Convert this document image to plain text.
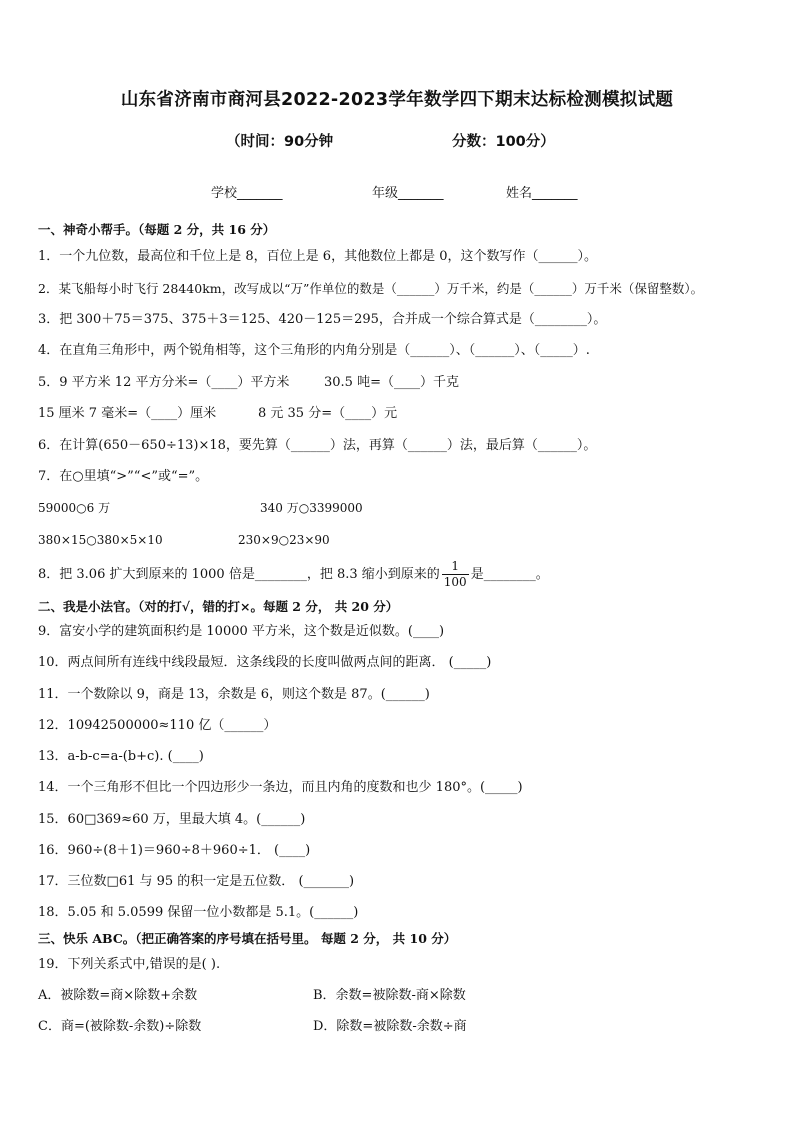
山东省济南市商河县2022-2023学年数学四下期末达标检测模拟试题
（时间：90分钟	分数：100分）
学校_______	年级_______	姓名_______
一、神奇小帮手。（每题 2 分，共 16 分）
1．一个九位数，最高位和千位上是 8，百位上是 6，其他数位上都是 0，这个数写作（______）。
2．某飞船每小时飞行 28440km，改写成以“万”作单位的数是（______）万千米，约是（______）万千米（保留整数）。
3．把 300＋75＝375、375＋3＝125、420－125＝295，合并成一个综合算式是（________）。
4．在直角三角形中，两个锐角相等，这个三角形的内角分别是（______）、（______）、（_____）.
5．9 平方米 12 平方分米=（____）平方米	30.5 吨=（____）千克
15 厘米 7 毫米=（____）厘米	8 元 35 分=（____）元
6．在计算(650－650÷13)×18，要先算（______）法，再算（______）法，最后算（______）。
7．在○里填“>”“<”或“=”。
59000○6 万	340 万○3399000
380×15○380×5×10	230×9○23×90
8．把 3.06 扩大到原来的 1000 倍是________，把 8.3 缩小到原来的 $\frac{1}{100}$ 是________。
二、我是小法官。（对的打√，错的打×。每题 2 分， 共 20 分）
9．富安小学的建筑面积约是 10000 平方米，这个数是近似数。(____)
10．两点间所有连线中线段最短．这条线段的长度叫做两点间的距离． (_____)
11．一个数除以 9，商是 13，余数是 6，则这个数是 87。(______)
12．10942500000≈110 亿（______）
13．a-b-c=a-(b+c). (____)
14．一个三角形不但比一个四边形少一条边，而且内角的度数和也少 180°。(_____)
15．60□369≈60 万，里最大填 4。(______)
16．960÷(8＋1)＝960÷8＋960÷1． (____)
17．三位数□61 与 95 的积一定是五位数． (_______)
18．5.05 和 5.0599 保留一位小数都是 5.1。(______)
三、快乐 ABC。（把正确答案的序号填在括号里。 每题 2 分， 共 10 分）
19．下列关系式中,错误的是( ).
A．被除数=商×除数+余数	B．余数=被除数-商×除数
C．商=(被除数-余数)÷除数	D．除数=被除数-余数÷商
